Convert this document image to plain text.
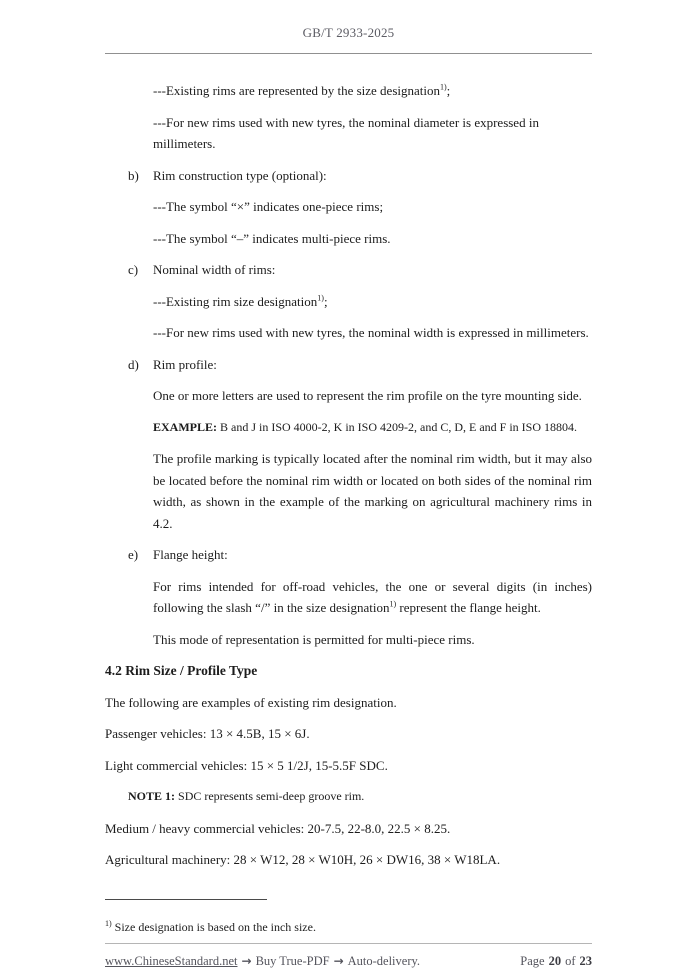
GB/T 2933-2025

---Existing rims are represented by the size designation$^{1)}$;

---For new rims used with new tyres, the nominal diameter is expressed in millimeters.

b)	Rim construction type (optional):

---The symbol “×” indicates one-piece rims;

---The symbol “–” indicates multi-piece rims.

c)	Nominal width of rims:

---Existing rim size designation$^{1)}$;

---For new rims used with new tyres, the nominal width is expressed in millimeters.

d)	Rim profile:

One or more letters are used to represent the rim profile on the tyre mounting side.

EXAMPLE: B and J in ISO 4000-2, K in ISO 4209-2, and C, D, E and F in ISO 18804.

The profile marking is typically located after the nominal rim width, but it may also be located before the nominal rim width or located on both sides of the nominal rim width, as shown in the example of the marking on agricultural machinery rims in 4.2.

e)	Flange height:

For rims intended for off-road vehicles, the one or several digits (in inches) following the slash “/” in the size designation$^{1)}$ represent the flange height.

This mode of representation is permitted for multi-piece rims.

4.2 Rim Size / Profile Type

The following are examples of existing rim designation.

Passenger vehicles: 13 × 4.5B, 15 × 6J.

Light commercial vehicles: 15 × 5 1/2J, 15-5.5F SDC.

NOTE 1: SDC represents semi-deep groove rim.

Medium / heavy commercial vehicles: 20-7.5, 22-8.0, 22.5 × 8.25.

Agricultural machinery: 28 × W12, 28 × W10H, 26 × DW16, 38 × W18LA.

$^{1)}$ Size designation is based on the inch size.
www.ChineseStandard.net → Buy True-PDF → Auto-delivery.	Page 20 of 23
